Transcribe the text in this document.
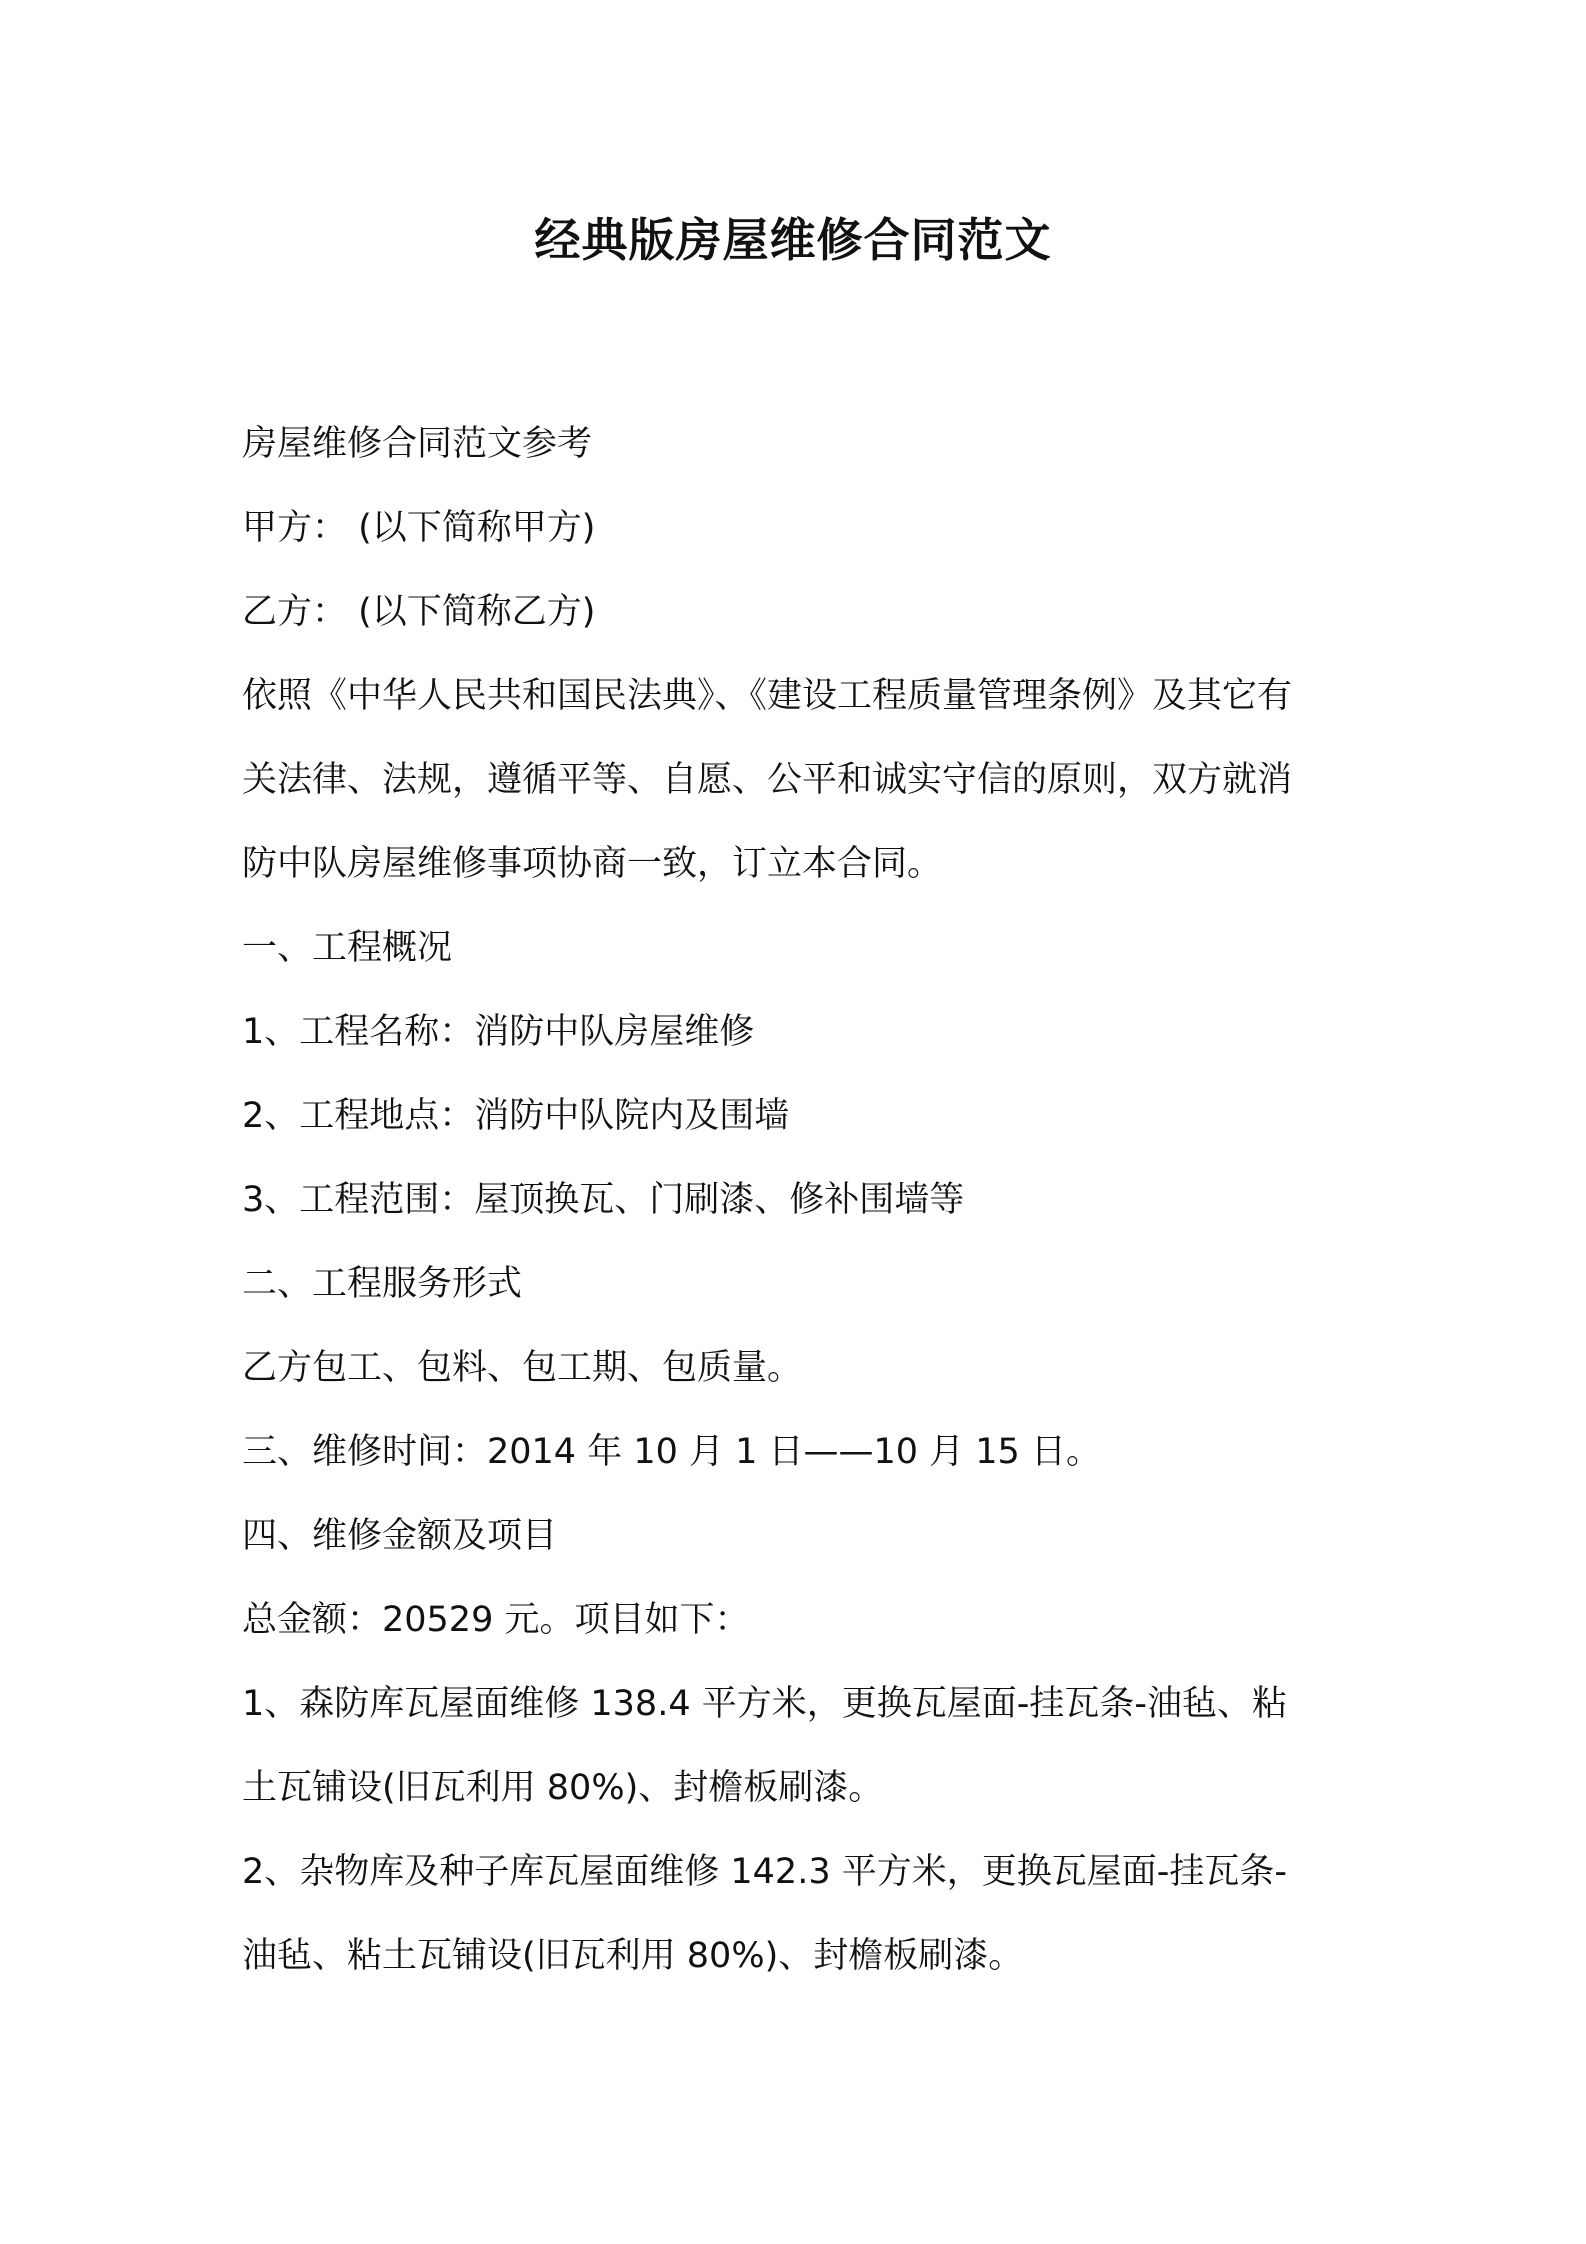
经典版房屋维修合同范文
房屋维修合同范文参考
甲方： (以下简称甲方)
乙方： (以下简称乙方)
依照《中华人民共和国民法典》、《建设工程质量管理条例》及其它有
关法律、法规，遵循平等、自愿、公平和诚实守信的原则，双方就消
防中队房屋维修事项协商一致，订立本合同。
一、工程概况
1、工程名称：消防中队房屋维修
2、工程地点：消防中队院内及围墙
3、工程范围：屋顶换瓦、门刷漆、修补围墙等
二、工程服务形式
乙方包工、包料、包工期、包质量。
三、维修时间：2014 年 10 月 1 日——10 月 15 日。
四、维修金额及项目
总金额：20529 元。项目如下：
1、森防库瓦屋面维修 138.4 平方米，更换瓦屋面-挂瓦条-油毡、粘
土瓦铺设(旧瓦利用 80%)、封檐板刷漆。
2、杂物库及种子库瓦屋面维修 142.3 平方米，更换瓦屋面-挂瓦条-
油毡、粘土瓦铺设(旧瓦利用 80%)、封檐板刷漆。
